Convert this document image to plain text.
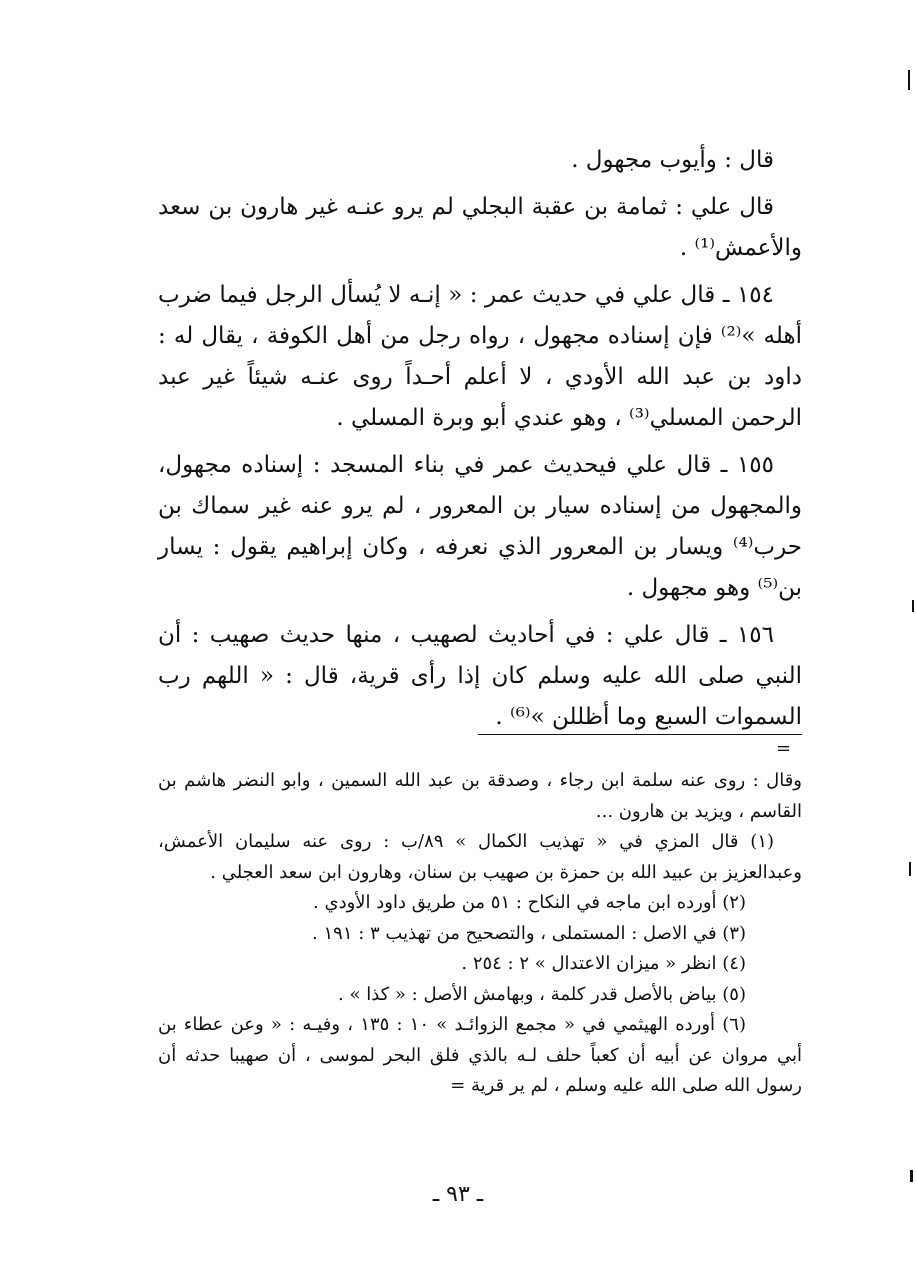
قال : وأيوب مجهول .

قال علي : ثمامة بن عقبة البجلي لم يرو عنـه غير هارون بن سعد والأعمش⁽¹⁾ .

١٥٤ ـ قال علي في حديث عمر : « إنـه لا يُسأل الرجل فيما ضرب أهله »⁽²⁾ فإن إسناده مجهول ، رواه رجل من أهل الكوفة ، يقال له : داود بن عبد الله الأودي ، لا أعلم أحـداً روى عنـه شيئاً غير عبد الرحمن المسلي⁽³⁾ ، وهو عندي أبو وبرة المسلي .

١٥٥ ـ قال علي فيحديث عمر في بناء المسجد : إسناده مجهول، والمجهول من إسناده سيار بن المعرور ، لم يرو عنه غير سماك بن حرب⁽⁴⁾ ويسار بن المعرور الذي نعرفه ، وكان إبراهيم يقول : يسار بن⁽⁵⁾ وهو مجهول .

١٥٦ ـ قال علي : في أحاديث لصهيب ، منها حديث صهيب : أن النبي صلى الله عليه وسلم كان إذا رأى قرية، قال : « اللهم رب السموات السبع وما أظللن »⁽⁶⁾ .

=

وقال : روى عنه سلمة ابن رجاء ، وصدقة بن عبد الله السمين ، وابو النضر هاشم بن القاسم ، ويزيد بن هارون ...

(١) قال المزي في « تهذيب الكمال » ٨٩/ب : روى عنه سليمان الأعمش، وعبدالعزيز بن عبيد الله بن حمزة بن صهيب بن سنان، وهارون ابن سعد العجلي .

(٢) أورده ابن ماجه في النكاح : ٥١ من طريق داود الأودي .

(٣) في الاصل : المستملى ، والتصحيح من تهذيب ٣ : ١٩١ .

(٤) انظر « ميزان الاعتدال » ٢ : ٢٥٤ .

(٥) بياض بالأصل قدر كلمة ، وبهامش الأصل : « كذا » .

(٦) أورده الهيثمي في « مجمع الزوائـد » ١٠ : ١٣٥ ، وفيـه : « وعن عطاء بن أبي مروان عن أبيه أن كعباً حلف لـه بالذي فلق البحر لموسى ، أن صهيبا حدثه أن رسول الله صلى الله عليه وسلم ، لم ير قرية =

ـ ٩٣ ـ
